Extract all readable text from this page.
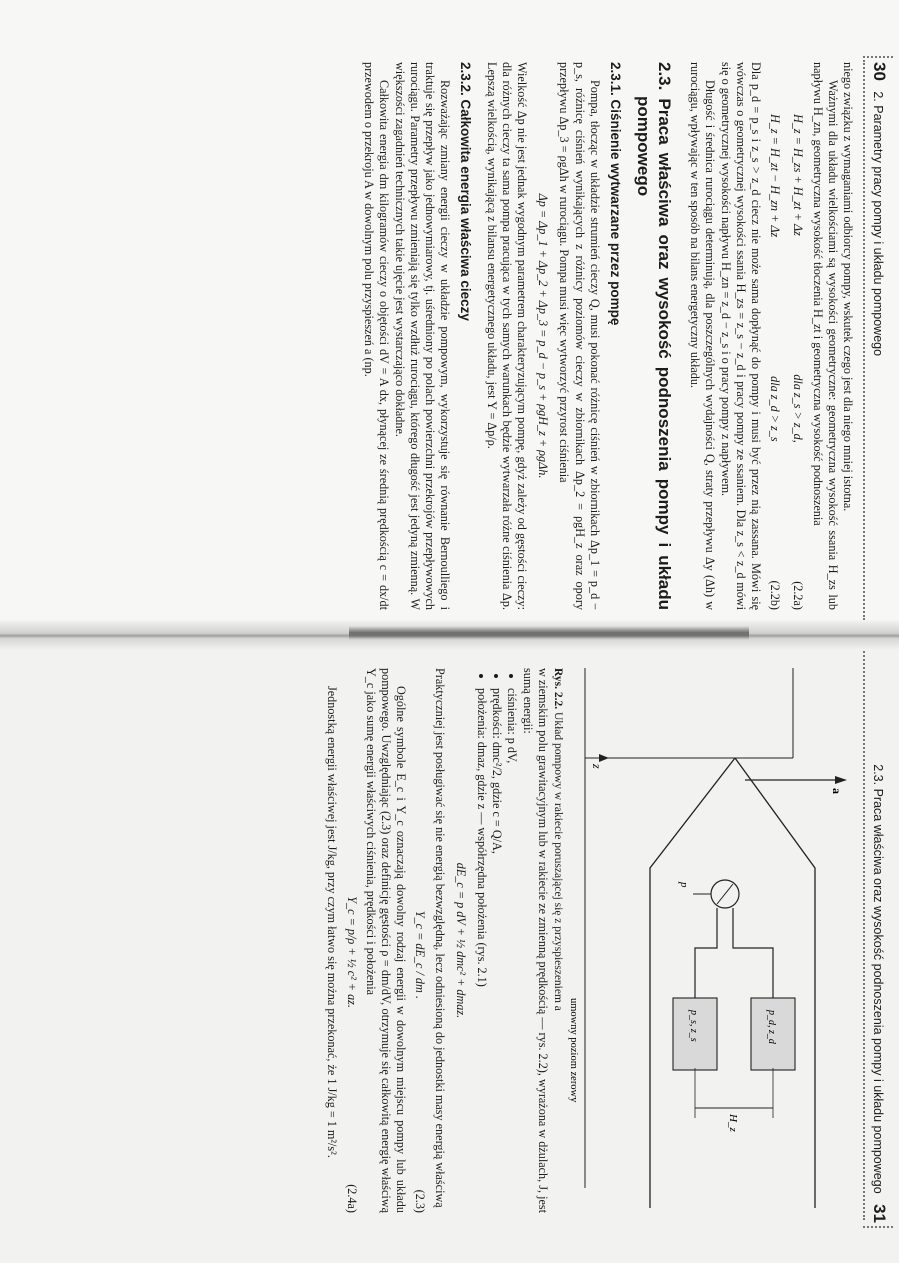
30   2. Parametry pracy pompy i układu pompowego

niego związku z wymaganiami odbiorcy pompy, wskutek czego jest dla niego mniej istotna.

Ważnymi dla układu wielkościami są wysokości geometryczne: geometryczna wysokość ssania H_zs lub napływu H_zn, geometryczna wysokość tłoczenia H_zt i geometryczna wysokość podnoszenia

H_z = H_zs + H_zt + Δz
dla z_s > z_d,
(2.2a)
H_z = H_zt − H_zn + Δz
dla z_d > z_s
(2.2b)

Dla p_d = p_s i z_s > z_d ciecz nie może sama dopłynąć do pompy i musi być przez nią zassana. Mówi się wówczas o geometrycznej wysokości ssania H_zs = z_s − z_d i pracy pompy ze ssaniem. Dla z_s < z_d mówi się o geometrycznej wysokości napływu H_zn = z_d − z_s i o pracy pompy z napływem.

Długość i średnica rurociągu determinują, dla poszczególnych wydajności Q, straty przepływu Δy (Δh) w rurociągu, wpływając w ten sposób na bilans energetyczny układu.

2.3. Praca właściwa oraz wysokość podnoszenia pompy i układu pompowego
2.3.1. Ciśnienie wytwarzane przez pompę

Pompa, tłocząc w układzie strumień cieczy Q, musi pokonać różnicę ciśnień w zbiornikach Δp_1 = p_d − p_s, różnicę ciśnień wynikających z różnicy poziomów cieczy w zbiornikach Δp_2 = ρgH_z oraz opory przepływu Δp_3 = ρgΔh w rurociągu. Pompa musi więc wytworzyć przyrost ciśnienia

Δp = Δp_1 + Δp_2 + Δp_3 = p_d − p_s + ρgH_z + ρgΔh.

Wielkość Δp nie jest jednak wygodnym parametrem charakteryzującym pompę, gdyż zależy od gęstości cieczy: dla różnych cieczy ta sama pompa pracująca w tych samych warunkach będzie wytwarzała różne ciśnienia Δp. Lepszą wielkością, wynikającą z bilansu energetycznego układu, jest Y = Δp/ρ.

2.3.2. Całkowita energia właściwa cieczy

Rozważając zmiany energii cieczy w układzie pompowym, wykorzystuje się równanie Bernoulliego i traktuje się przepływ jako jednowymiarowy, tj. uśredniony po polach powierzchni przekrojów przepływowych rurociągu. Parametry przepływu zmieniają się tylko wzdłuż rurociągu, którego długość jest jedyną zmienną. W większości zagadnień technicznych takie ujęcie jest wystarczająco dokładne.

Całkowita energia dm kilogramów cieczy o objętości dV = A dx, płynącej ze średnią prędkością c = dx/dt przewodem o przekroju A w dowolnym polu przyspieszeń a (np.

2.3. Praca właściwa oraz wysokość podnoszenia pompy i układu pompowego   31
a
z
p_d, z_d
p_s, z_s
p
H_z
umowny poziom zerowy

Rys. 2.2. Układ pompowy w rakiecie poruszającej się z przyspieszeniem a

w ziemskim polu grawitacyjnym lub w rakiecie ze zmienną prędkością — rys. 2.2), wyrażona w dżulach, J, jest sumą energii:

• ciśnienia: p dV,
• prędkości: dmc²/2, gdzie c = Q/A,
• położenia: dmaz, gdzie z — współrzędna położenia (rys. 2.1)
dE_c = p dV + ½ dmc² + dmaz.

Praktyczniej jest posługiwać się nie energią bezwzględną, lecz odniesioną do jednostki masy energią właściwą

Y_c = dE_c / dm .
(2.3)

Ogólne symbole E_c i Y_c oznaczają dowolny rodzaj energii w dowolnym miejscu pompy lub układu pompowego. Uwzględniając (2.3) oraz definicję gęstości ρ = dm/dV, otrzymuje się całkowitą energię właściwą Y_c jako sumę energii właściwych ciśnienia, prędkości i położenia

Y_c = p/ρ + ½ c² + az.
(2.4a)

Jednostką energii właściwej jest J/kg, przy czym łatwo się można przekonać, że 1 J/kg = 1 m²/s².
